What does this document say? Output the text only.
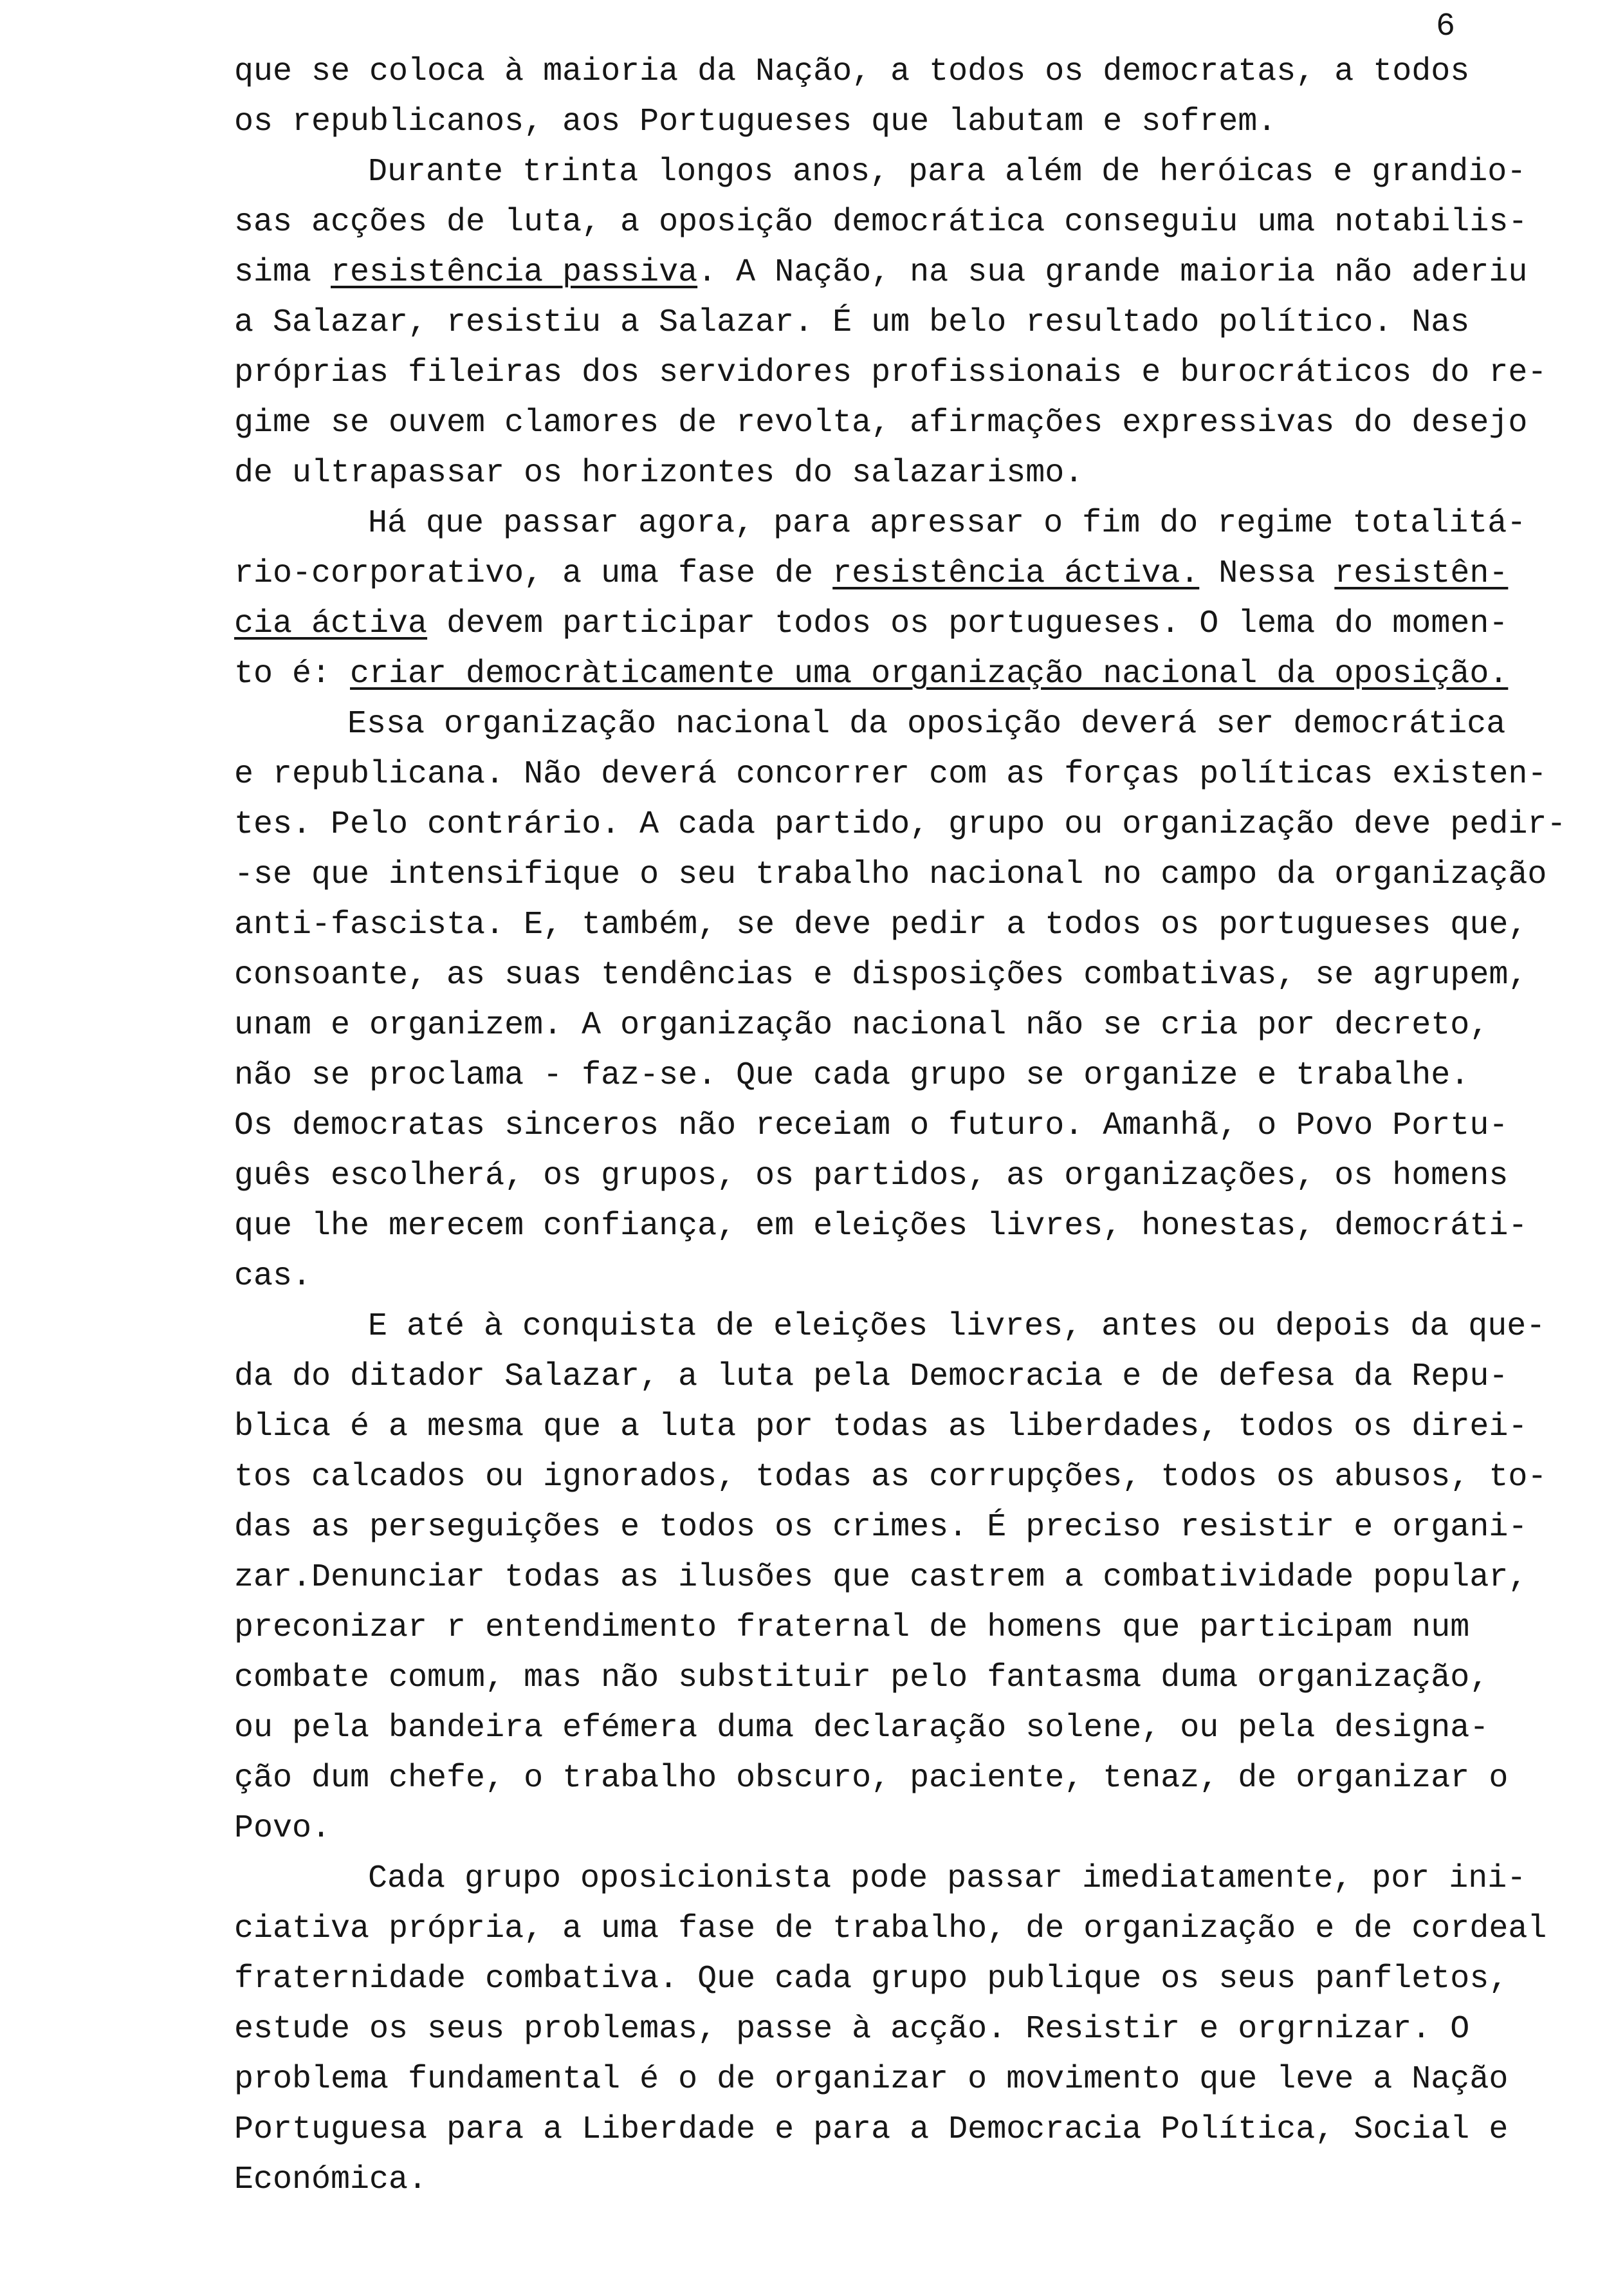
6
que se coloca à maioria da Nação, a todos os democratas, a todos
os republicanos, aos Portugueses que labutam e sofrem.
Durante trinta longos anos, para além de heróicas e grandio-
sas acções de luta, a oposição democrática conseguiu uma notabilis-
sima resistência passiva. A Nação, na sua grande maioria não aderiu
a Salazar, resistiu a Salazar. É um belo resultado político. Nas
próprias fileiras dos servidores profissionais e burocráticos do re-
gime se ouvem clamores de revolta, afirmações expressivas do desejo
de ultrapassar os horizontes do salazarismo.
Há que passar agora, para apressar o fim do regime totalitá-
rio-corporativo, a uma fase de resistência áctiva. Nessa resistên-
cia áctiva devem participar todos os portugueses. O lema do momen-
to é: criar democràticamente uma organização nacional da oposição.
Essa organização nacional da oposição deverá ser democrática
e republicana. Não deverá concorrer com as forças políticas existen-
tes. Pelo contrário. A cada partido, grupo ou organização deve pedir-
-se que intensifique o seu trabalho nacional no campo da organização
anti-fascista. E, também, se deve pedir a todos os portugueses que,
consoante, as suas tendências e disposições combativas, se agrupem,
unam e organizem. A organização nacional não se cria por decreto,
não se proclama - faz-se. Que cada grupo se organize e trabalhe.
Os democratas sinceros não receiam o futuro. Amanhã, o Povo Portu-
guês escolherá, os grupos, os partidos, as organizações, os homens
que lhe merecem confiança, em eleições livres, honestas, democráti-
cas.
E até à conquista de eleições livres, antes ou depois da que-
da do ditador Salazar, a luta pela Democracia e de defesa da Repu-
blica é a mesma que a luta por todas as liberdades, todos os direi-
tos calcados ou ignorados, todas as corrupções, todos os abusos, to-
das as perseguições e todos os crimes. É preciso resistir e organi-
zar.Denunciar todas as ilusões que castrem a combatividade popular,
preconizar r entendimento fraternal de homens que participam num
combate comum, mas não substituir pelo fantasma duma organização,
ou pela bandeira efémera duma declaração solene, ou pela designa-
ção dum chefe, o trabalho obscuro, paciente, tenaz, de organizar o
Povo.
Cada grupo oposicionista pode passar imediatamente, por ini-
ciativa própria, a uma fase de trabalho, de organização e de cordeal
fraternidade combativa. Que cada grupo publique os seus panfletos,
estude os seus problemas, passe à acção. Resistir e orgrnizar. O
problema fundamental é o de organizar o movimento que leve a Nação
Portuguesa para a Liberdade e para a Democracia Política, Social e
Económica.
